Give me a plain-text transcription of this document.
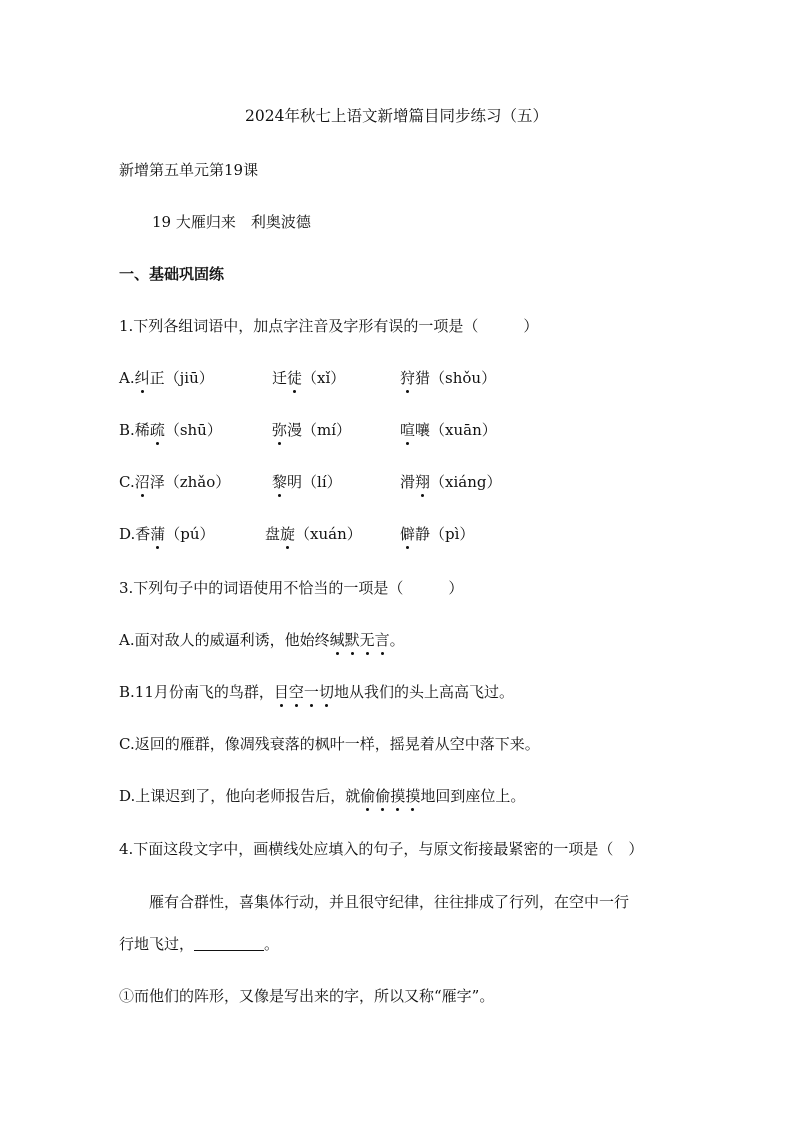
2024年秋七上语文新增篇目同步练习（五）
新增第五单元第19课
19 大雁归来　利奥波德
一、基础巩固练
1.下列各组词语中，加点字注音及字形有误的一项是（　　　）
A.纠正（jiū）	迁徒（xǐ）	狩猎（shǒu）
B.稀疏（shū）	弥漫（mí）	喧嚷（xuān）
C.沼泽（zhǎo）	黎明（lí）	滑翔（xiáng）
D.香蒲（pú）	盘旋（xuán）	僻静（pì）
3.下列句子中的词语使用不恰当的一项是（　　　）
A.面对敌人的威逼利诱，他始终缄默无言。
B.11月份南飞的鸟群，目空一切地从我们的头上高高飞过。
C.返回的雁群，像凋残衰落的枫叶一样，摇晃着从空中落下来。
D.上课迟到了，他向老师报告后，就偷偷摸摸地回到座位上。
4.下面这段文字中，画横线处应填入的句子，与原文衔接最紧密的一项是（　）
雁有合群性，喜集体行动，并且很守纪律，往往排成了行列，在空中一行
行地飞过，	。
①而他们的阵形，又像是写出来的字，所以又称“雁字”。
